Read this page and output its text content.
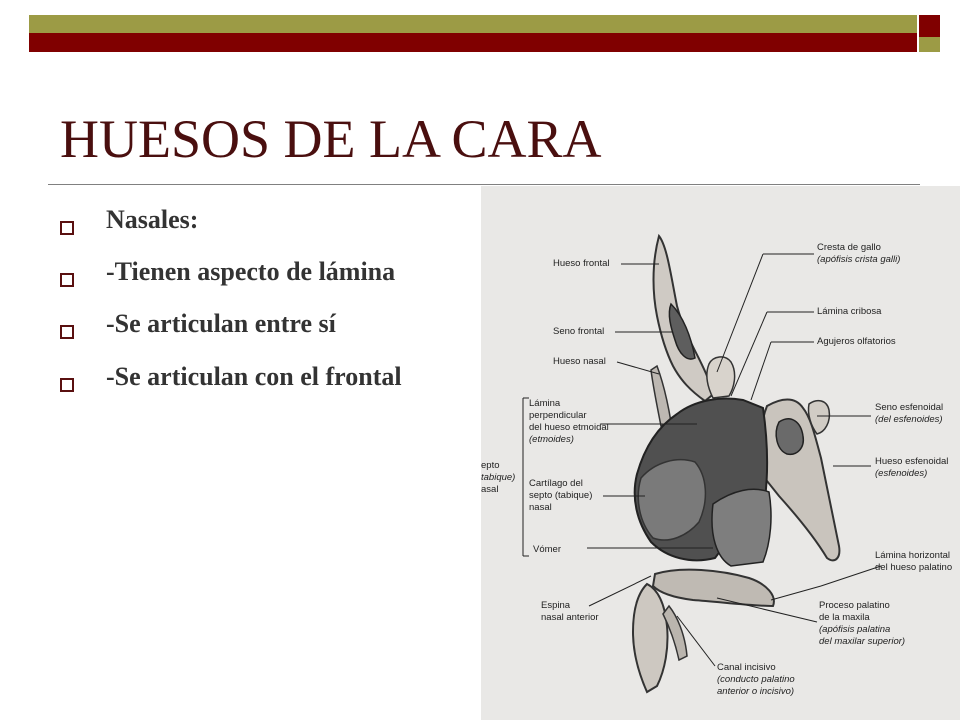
HUESOS DE LA CARA
Nasales:
-Tienen aspecto de lámina
-Se articulan entre sí
-Se articulan con el frontal
Hueso frontal
Seno frontal
Hueso nasal
Lámina
perpendicular
del hueso etmoidal
(etmoides)
epto
tabique)
asal
Cartílago del
septo (tabique)
nasal
Vómer
Espina
nasal anterior
Cresta de gallo
(apófisis crista galli)
Lámina cribosa
Agujeros olfatorios
Seno esfenoidal
(del esfenoides)
Hueso esfenoidal
(esfenoides)
Lámina horizontal
del hueso palatino
Proceso palatino
de la maxila
(apófisis palatina
del maxilar superior)
Canal incisivo
(conducto palatino
anterior o incisivo)
